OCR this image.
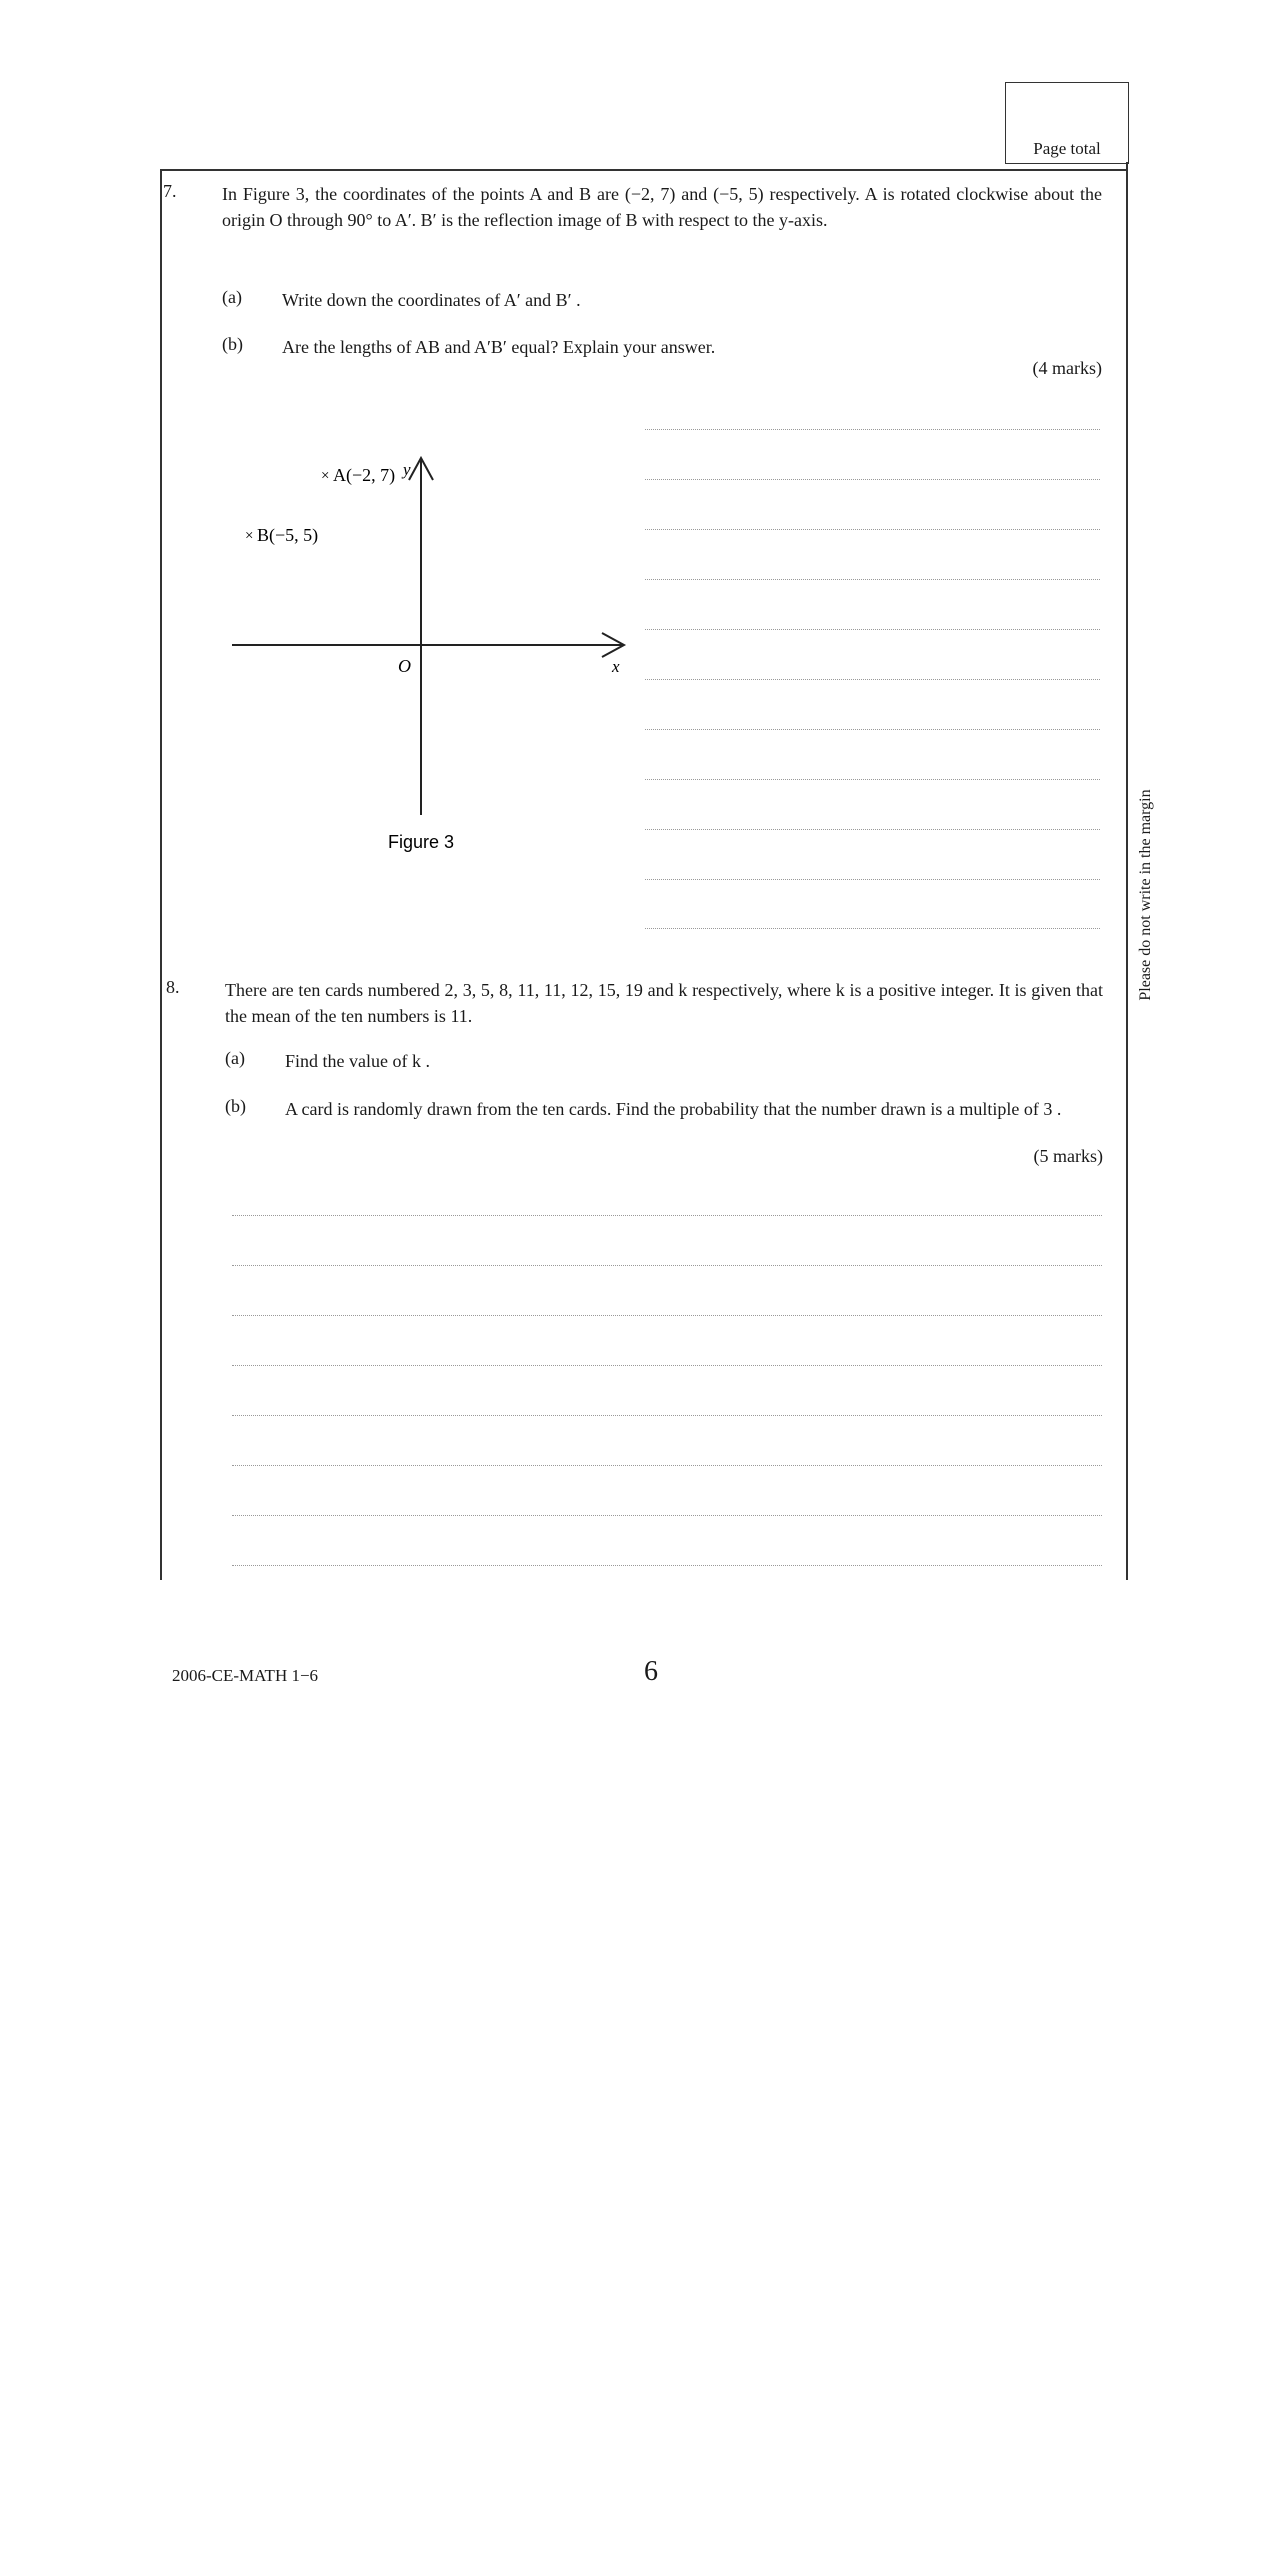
Page total
Please do not write in the margin
7.	In Figure 3, the coordinates of the points A and B are (−2, 7) and (−5, 5) respectively. A is rotated clockwise about the origin O through 90° to A′. B′ is the reflection image of B with respect to the y-axis.
(a) Write down the coordinates of A′ and B′ .
(b) Are the lengths of AB and A′B′ equal? Explain your answer.
(4 marks)
y
x
O
× A(−2, 7)
× B(−5, 5)
Figure 3
8.	There are ten cards numbered 2, 3, 5, 8, 11, 11, 12, 15, 19 and k respectively, where k is a positive integer. It is given that the mean of the ten numbers is 11.
(a) Find the value of k .
(b) A card is randomly drawn from the ten cards. Find the probability that the number drawn is a multiple of 3 .
(5 marks)
2006-CE-MATH 1−6	6
